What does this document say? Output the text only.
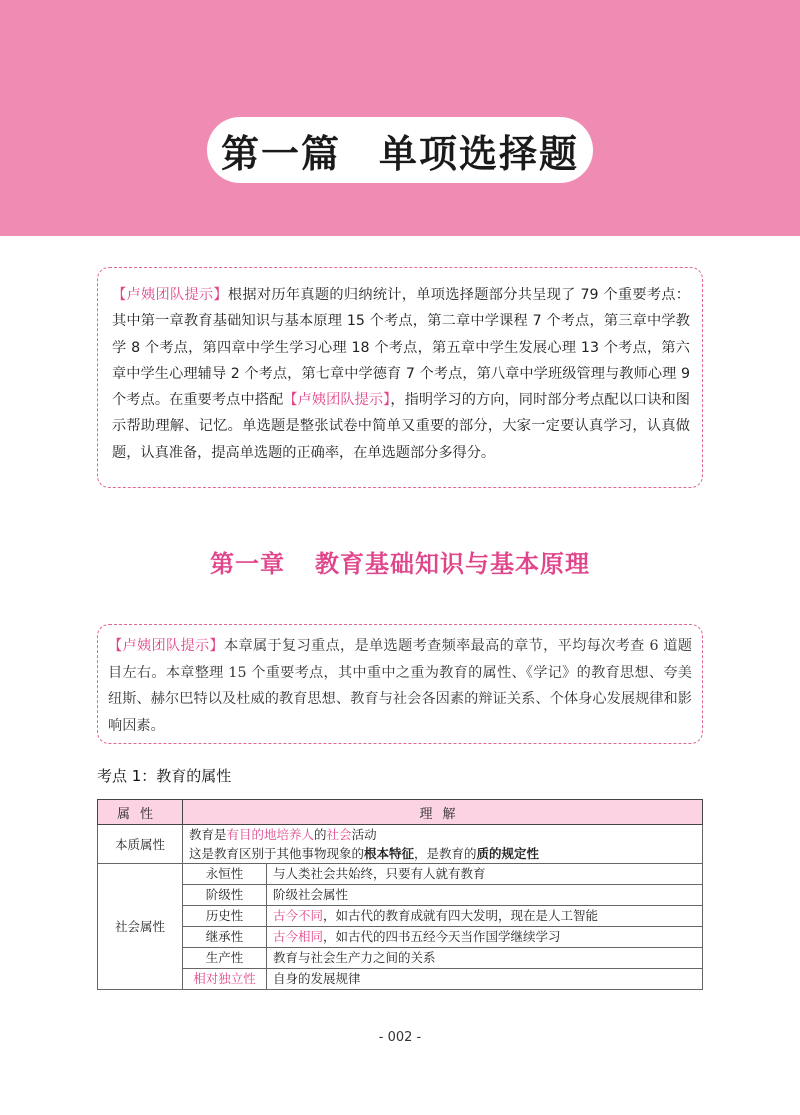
第一篇 单项选择题

【卢姨团队提示】根据对历年真题的归纳统计，单项选择题部分共呈现了 79 个重要考点：其中第一章教育基础知识与基本原理 15 个考点，第二章中学课程 7 个考点，第三章中学教学 8 个考点，第四章中学生学习心理 18 个考点，第五章中学生发展心理 13 个考点，第六章中学生心理辅导 2 个考点，第七章中学德育 7 个考点，第八章中学班级管理与教师心理 9 个考点。在重要考点中搭配【卢姨团队提示】，指明学习的方向，同时部分考点配以口诀和图示帮助理解、记忆。单选题是整张试卷中简单又重要的部分，大家一定要认真学习，认真做题，认真准备，提高单选题的正确率，在单选题部分多得分。

第一章 教育基础知识与基本原理

【卢姨团队提示】本章属于复习重点，是单选题考查频率最高的章节，平均每次考查 6 道题目左右。本章整理 15 个重要考点，其中重中之重为教育的属性、《学记》的教育思想、夸美纽斯、赫尔巴特以及杜威的教育思想、教育与社会各因素的辩证关系、个体身心发展规律和影响因素。

考点 1：教育的属性
属性	理解	
本质属性	教育是有目的地培养人的社会活动
这是教育区别于其他事物现象的根本特征，是教育的质的规定性	

社会属性	永恒性	与人类社会共始终，只要有人就有教育
	阶级性	阶级社会属性
	历史性	古今不同，如古代的教育成就有四大发明，现在是人工智能
	继承性	古今相同，如古代的四书五经今天当作国学继续学习
	生产性	教育与社会生产力之间的关系
	相对独立性	自身的发展规律
- 002 -
